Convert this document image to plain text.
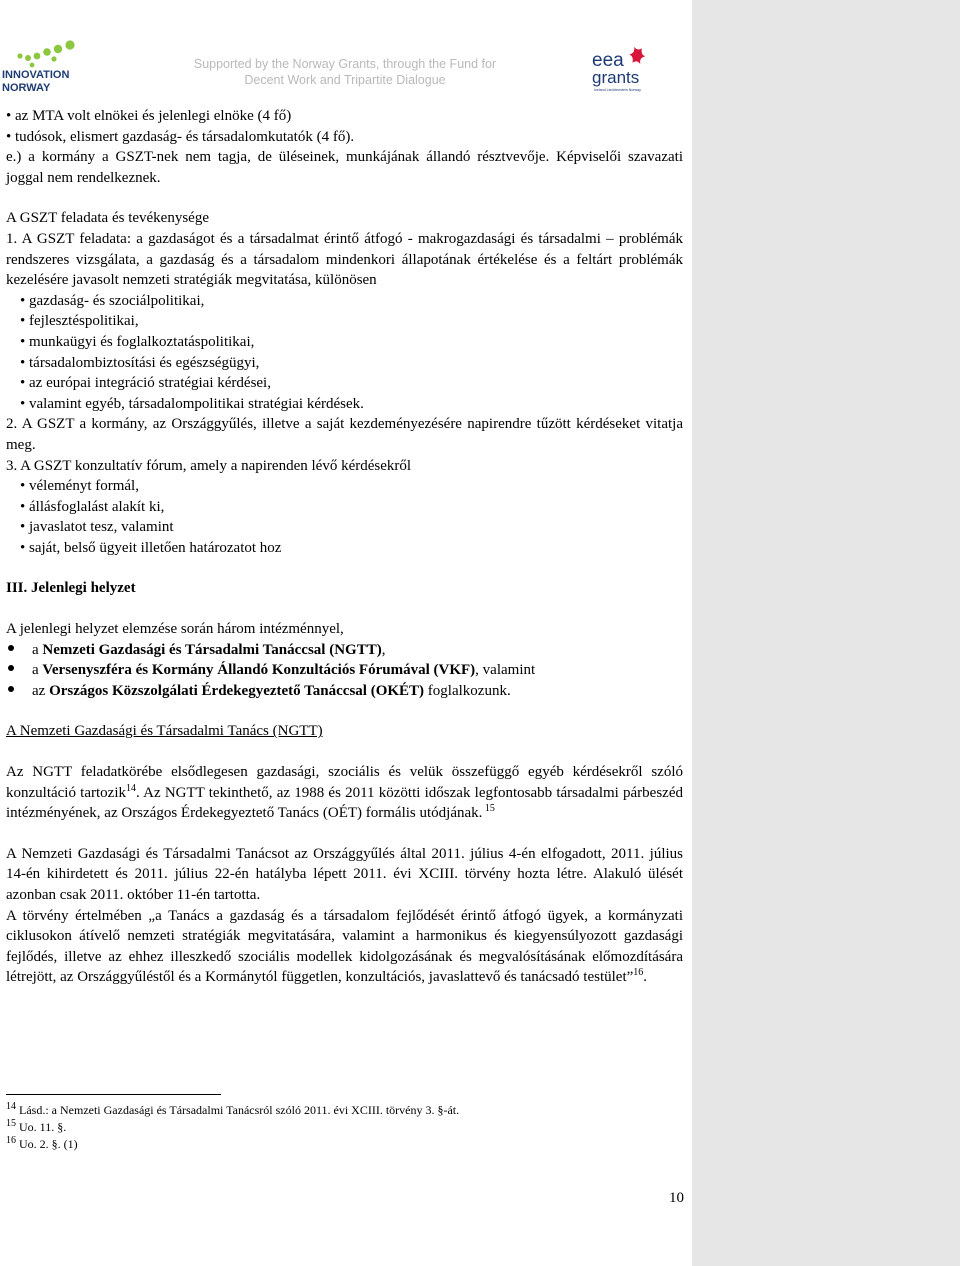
INNOVATION
NORWAY
Supported by the Norway Grants, through the Fund for
Decent Work and Tripartite Dialogue
eea
grants
Iceland Liechtenstein Norway

• az MTA volt elnökei és jelenlegi elnöke (4 fő)

• tudósok, elismert gazdaság- és társadalomkutatók (4 fő).

e.) a kormány a GSZT-nek nem tagja, de üléseinek, munkájának állandó résztvevője. Képviselői szavazati joggal nem rendelkeznek.

A GSZT feladata és tevékenysége

1. A GSZT feladata: a gazdaságot és a társadalmat érintő átfogó - makrogazdasági és társadalmi – problémák rendszeres vizsgálata, a gazdaság és a társadalom mindenkori állapotának értékelése és a feltárt problémák kezelésére javasolt nemzeti stratégiák megvitatása, különösen

• gazdaság- és szociálpolitikai,

• fejlesztéspolitikai,

• munkaügyi és foglalkoztatáspolitikai,

• társadalombiztosítási és egészségügyi,

• az európai integráció stratégiai kérdései,

• valamint egyéb, társadalompolitikai stratégiai kérdések.

2. A GSZT a kormány, az Országgyűlés, illetve a saját kezdeményezésére napirendre tűzött kérdéseket vitatja meg.

3. A GSZT konzultatív fórum, amely a napirenden lévő kérdésekről

• véleményt formál,

• állásfoglalást alakít ki,

• javaslatot tesz, valamint

• saját, belső ügyeit illetően határozatot hoz

III. Jelenlegi helyzet

A jelenlegi helyzet elemzése során három intézménnyel,

a Nemzeti Gazdasági és Társadalmi Tanáccsal (NGTT),
a Versenyszféra és Kormány Állandó Konzultációs Fórumával (VKF), valamint
az Országos Közszolgálati Érdekegyeztető Tanáccsal (OKÉT) foglalkozunk.

A Nemzeti Gazdasági és Társadalmi Tanács (NGTT)

Az NGTT feladatkörébe elsődlegesen gazdasági, szociális és velük összefüggő egyéb kérdésekről szóló konzultáció tartozik$^{14}$. Az NGTT tekinthető, az 1988 és 2011 közötti időszak legfontosabb társadalmi párbeszéd intézményének, az Országos Érdekegyeztető Tanács (OÉT) formális utódjának. $^{15}$

A Nemzeti Gazdasági és Társadalmi Tanácsot az Országgyűlés által 2011. július 4-én elfogadott, 2011. július 14-én kihirdetett és 2011. július 22-én hatályba lépett 2011. évi XCIII. törvény hozta létre. Alakuló ülését azonban csak 2011. október 11-én tartotta.

A törvény értelmében „a Tanács a gazdaság és a társadalom fejlődését érintő átfogó ügyek, a kormányzati ciklusokon átívelő nemzeti stratégiák megvitatására, valamint a harmonikus és kiegyensúlyozott gazdasági fejlődés, illetve az ehhez illeszkedő szociális modellek kidolgozásának és megvalósításának előmozdítására létrejött, az Országgyűléstől és a Kormánytól független, konzultációs, javaslattevő és tanácsadó testület”$^{16}$.

$^{14}$ Lásd.: a Nemzeti Gazdasági és Társadalmi Tanácsról szóló 2011. évi XCIII. törvény 3. §-át.

$^{15}$ Uo. 11. §.

$^{16}$ Uo. 2. §. (1)

10
